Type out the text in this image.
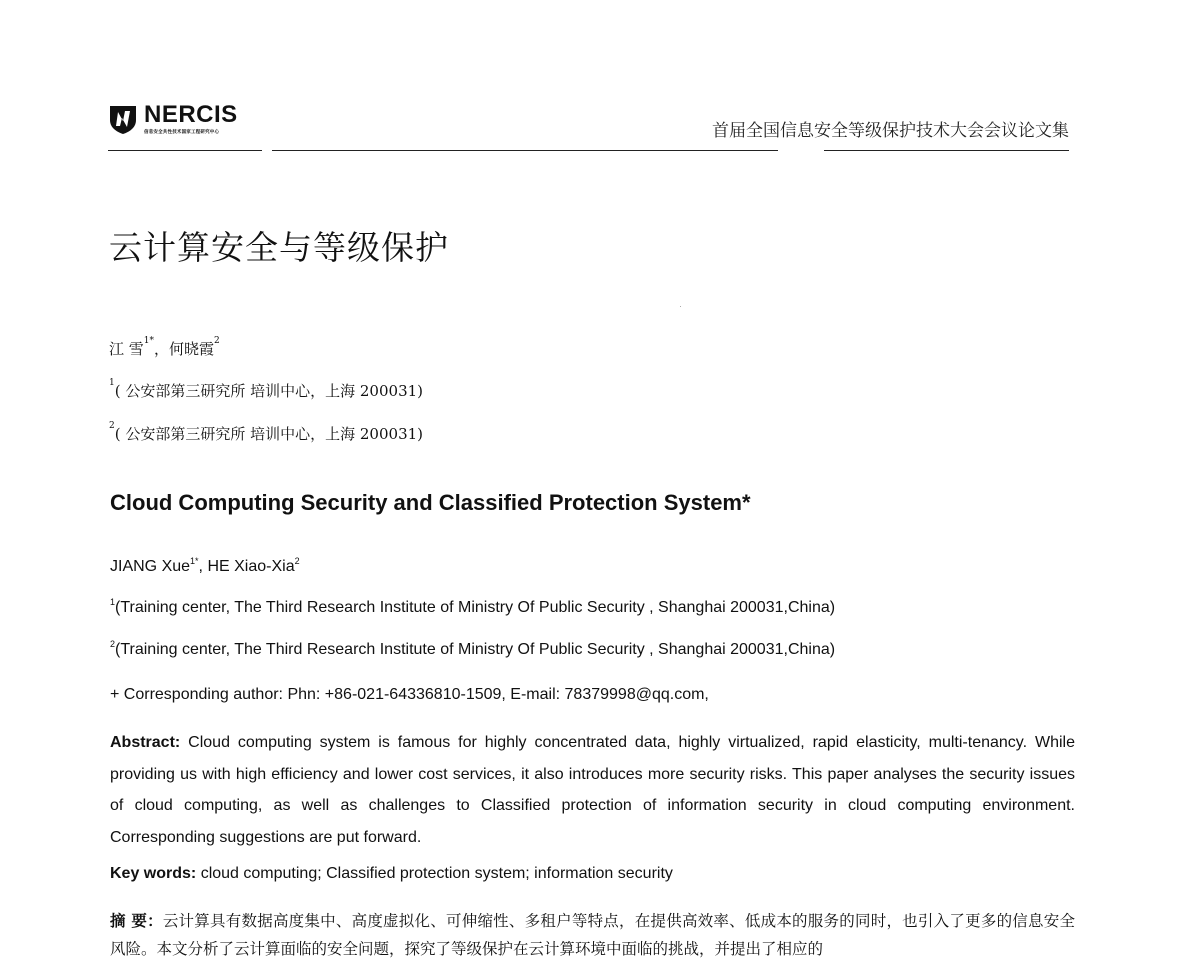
NERCIS
信息安全共性技术国家工程研究中心	首届全国信息安全等级保护技术大会会议论文集
云计算安全与等级保护
江 雪$^{1*}$，何晓霞$^2$
$^1$( 公安部第三研究所 培训中心，上海 200031)
$^2$( 公安部第三研究所 培训中心，上海 200031)
Cloud Computing Security and Classified Protection System*
JIANG Xue$^{1*}$, HE Xiao-Xia$^2$
$^1$(Training center, The Third Research Institute of Ministry Of Public Security , Shanghai 200031,China)
$^2$(Training center, The Third Research Institute of Ministry Of Public Security , Shanghai 200031,China)
+ Corresponding author: Phn: +86-021-64336810-1509, E-mail: 78379998@qq.com,
Abstract: Cloud computing system is famous for highly concentrated data, highly virtualized, rapid elasticity, multi-tenancy. While providing us with high efficiency and lower cost services, it also introduces more security risks. This paper analyses the security issues of cloud computing, as well as challenges to Classified protection of information security in cloud computing environment. Corresponding suggestions are put forward.
Key words: cloud computing; Classified protection system; information security
摘 要：云计算具有数据高度集中、高度虚拟化、可伸缩性、多租户等特点，在提供高效率、低成本的服务的同时，也引入了更多的信息安全风险。本文分析了云计算面临的安全问题，探究了等级保护在云计算环境中面临的挑战，并提出了相应的
